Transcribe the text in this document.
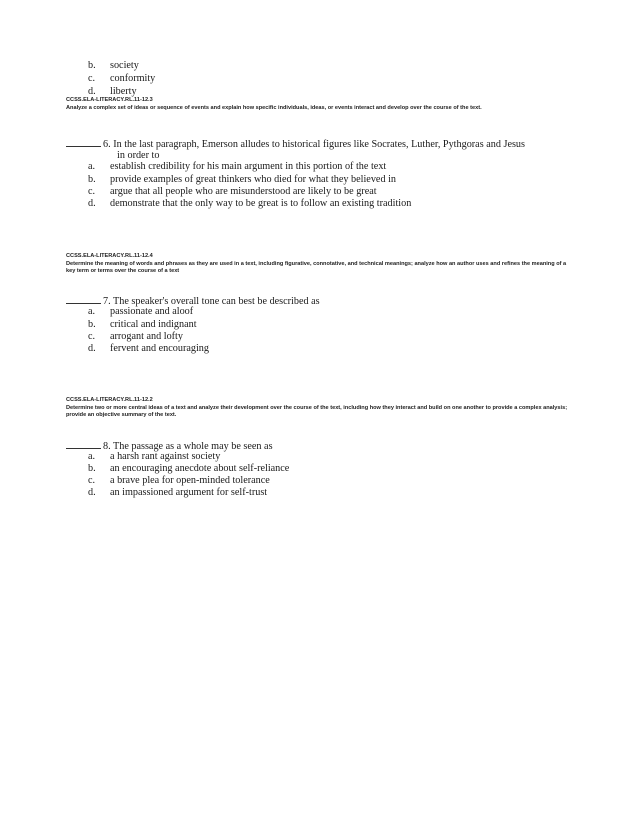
b. society
c. conformity
d. liberty
CCSS.ELA-LITERACY.RL.11-12.3
Analyze a complex set of ideas or sequence of events and explain how specific individuals, ideas, or events interact and develop over the course of the text.
6. In the last paragraph, Emerson alludes to historical figures like Socrates, Luther, Pythgoras and Jesus
in order to
a. establish credibility for his main argument in this portion of the text
b. provide examples of great thinkers who died for what they believed in
c. argue that all people who are misunderstood are likely to be great
d. demonstrate that the only way to be great is to follow an existing tradition
CCSS.ELA-LITERACY.RL.11-12.4
Determine the meaning of words and phrases as they are used in a text, including figurative, connotative, and technical meanings; analyze how an author uses and refines the meaning of a key term or terms over the course of a text
7. The speaker's overall tone can best be described as
a. passionate and aloof
b. critical and indignant
c. arrogant and lofty
d. fervent and encouraging
CCSS.ELA-LITERACY.RL.11-12.2
Determine two or more central ideas of a text and analyze their development over the course of the text, including how they interact and build on one another to provide a complex analysis; provide an objective summary of the text.
8. The passage as a whole may be seen as
a. a harsh rant against society
b. an encouraging anecdote about self-reliance
c. a brave plea for open-minded tolerance
d. an impassioned argument for self-trust
